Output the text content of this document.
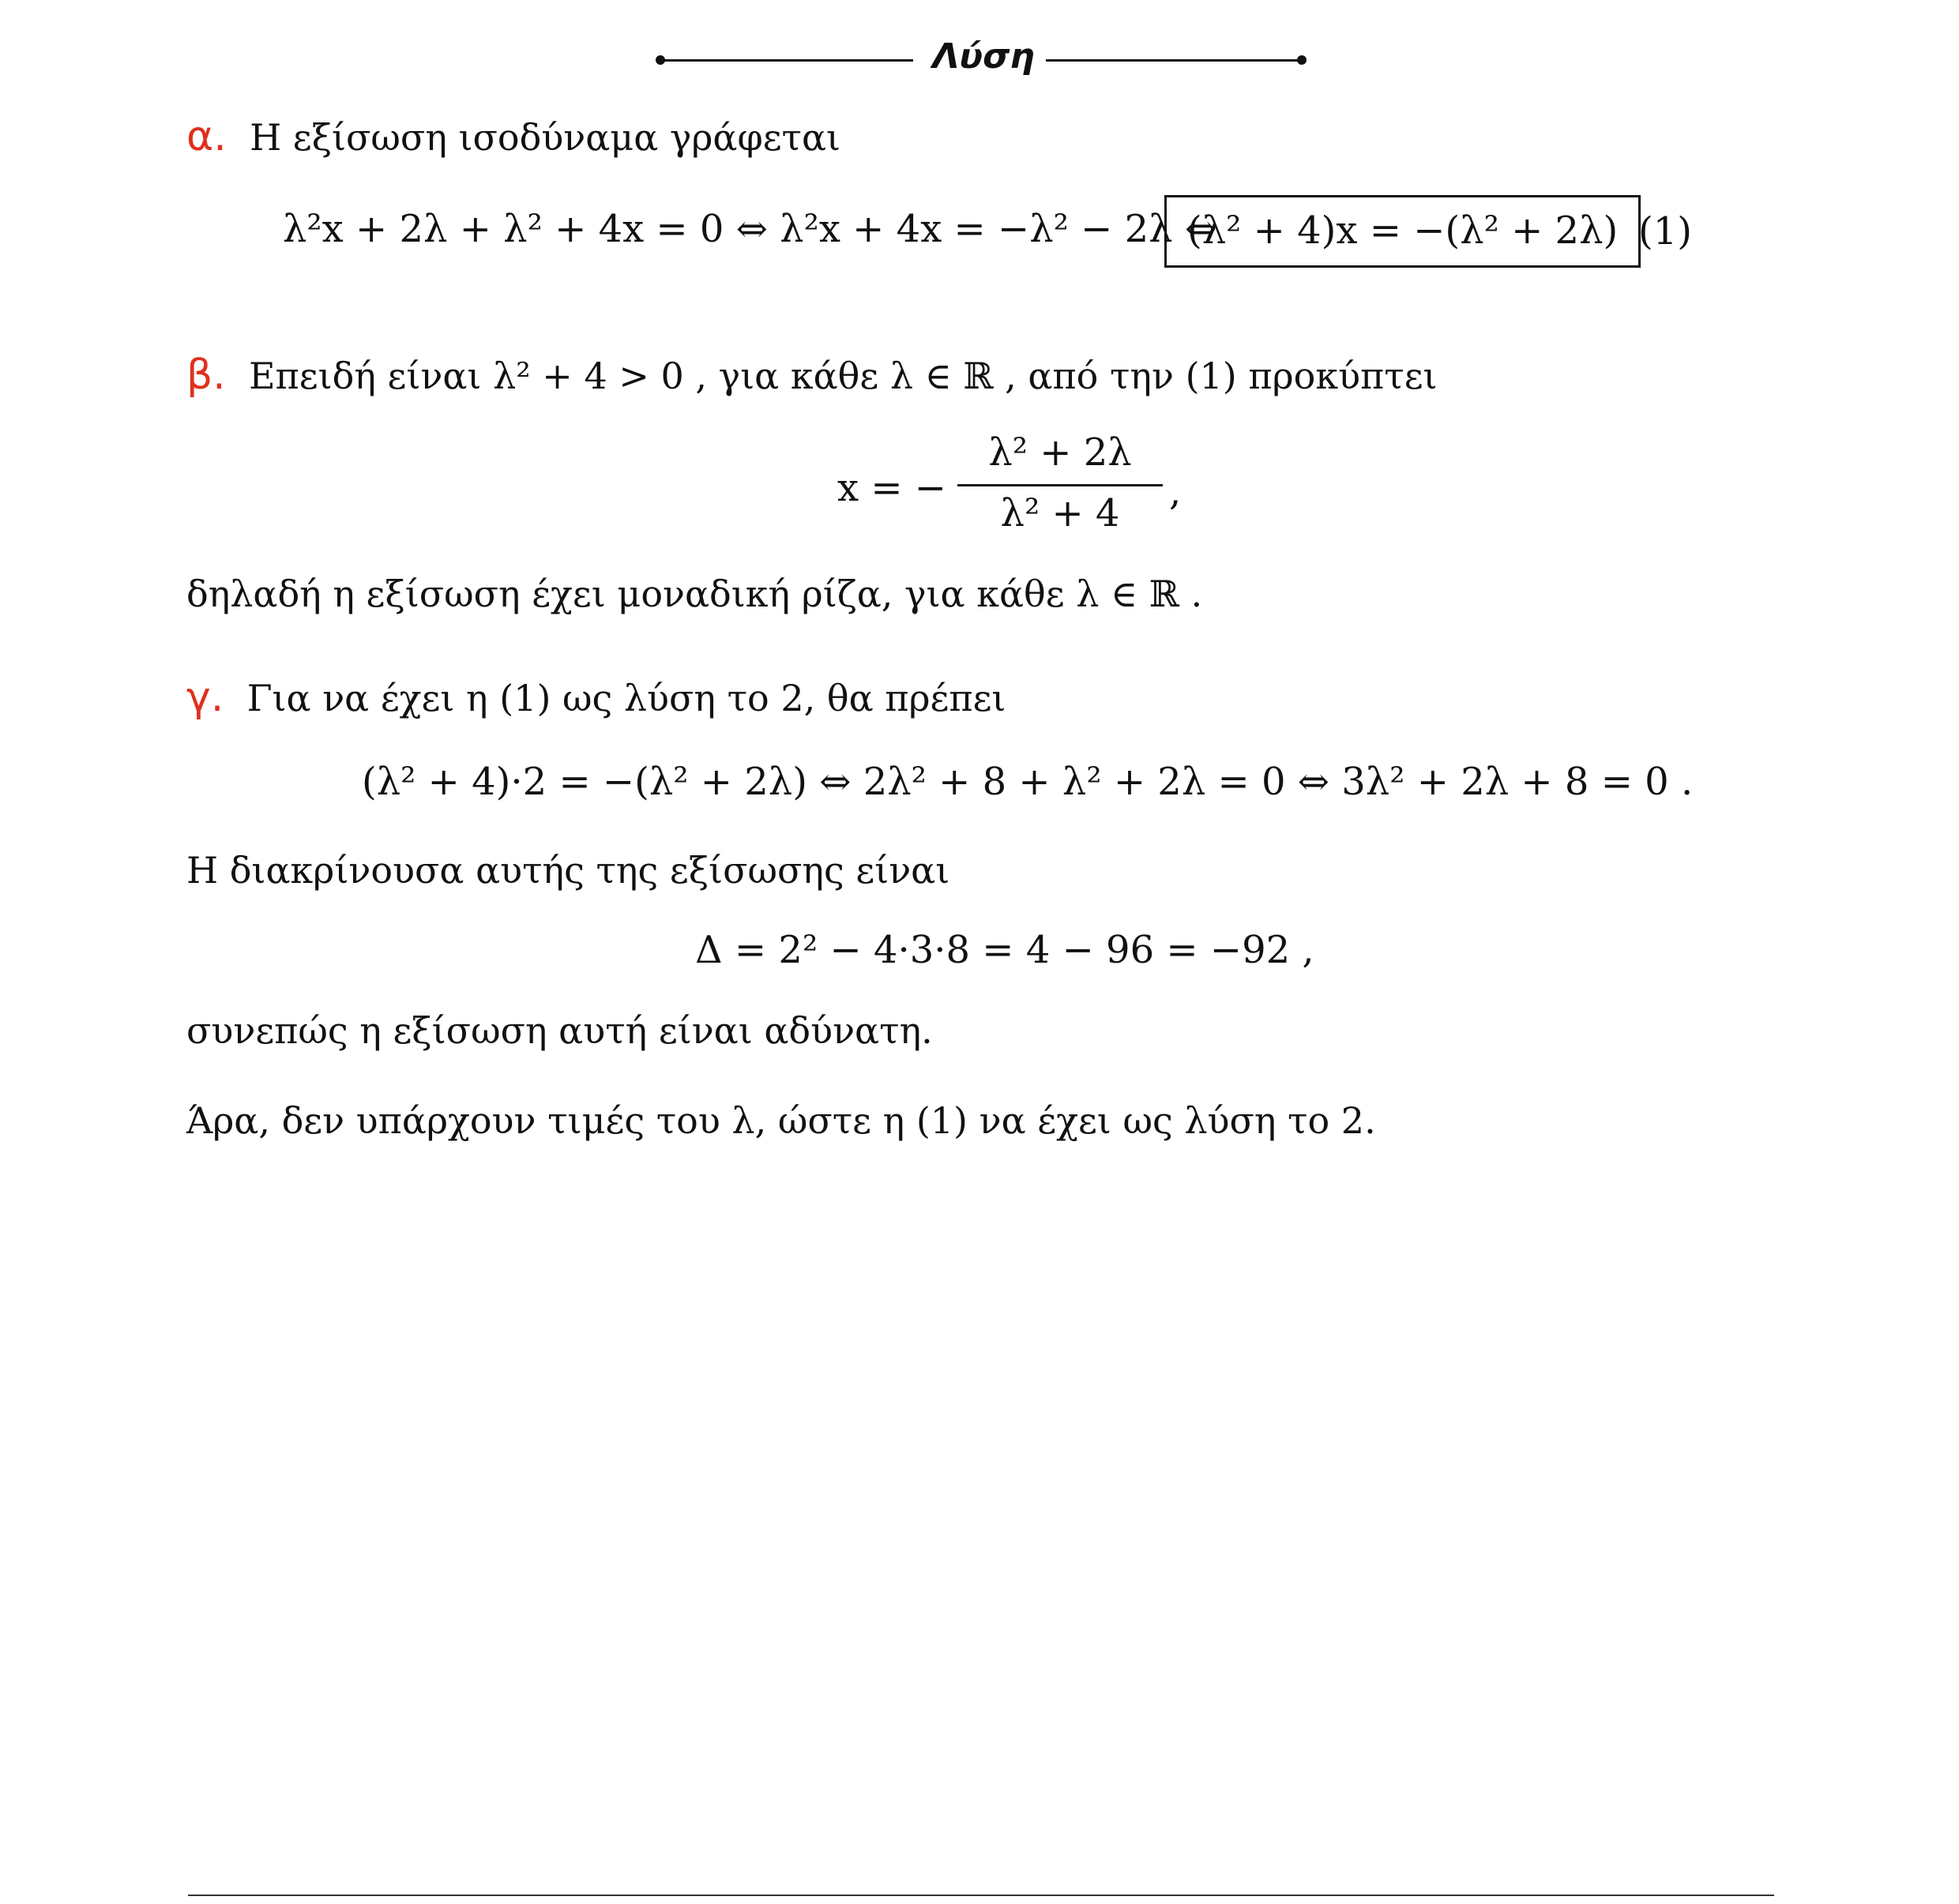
Λύση
α. Η εξίσωση ισοδύναμα γράφεται
λ²x + 2λ + λ² + 4x = 0 ⇔ λ²x + 4x = −λ² − 2λ ⇔
(λ² + 4)x = −(λ² + 2λ) (1)
β. Επειδή είναι λ² + 4 > 0 , για κάθε λ ∈ ℝ , από την (1) προκύπτει
x = −
λ² + 2λ
λ² + 4	,
δηλαδή η εξίσωση έχει μοναδική ρίζα, για κάθε λ ∈ ℝ .
γ. Για να έχει η (1) ως λύση το 2, θα πρέπει
(λ² + 4)·2 = −(λ² + 2λ) ⇔ 2λ² + 8 + λ² + 2λ = 0 ⇔ 3λ² + 2λ + 8 = 0 .
Η διακρίνουσα αυτής της εξίσωσης είναι
Δ = 2² − 4·3·8 = 4 − 96 = −92 ,
συνεπώς η εξίσωση αυτή είναι αδύνατη.
Άρα, δεν υπάρχουν τιμές του λ, ώστε η (1) να έχει ως λύση το 2.
